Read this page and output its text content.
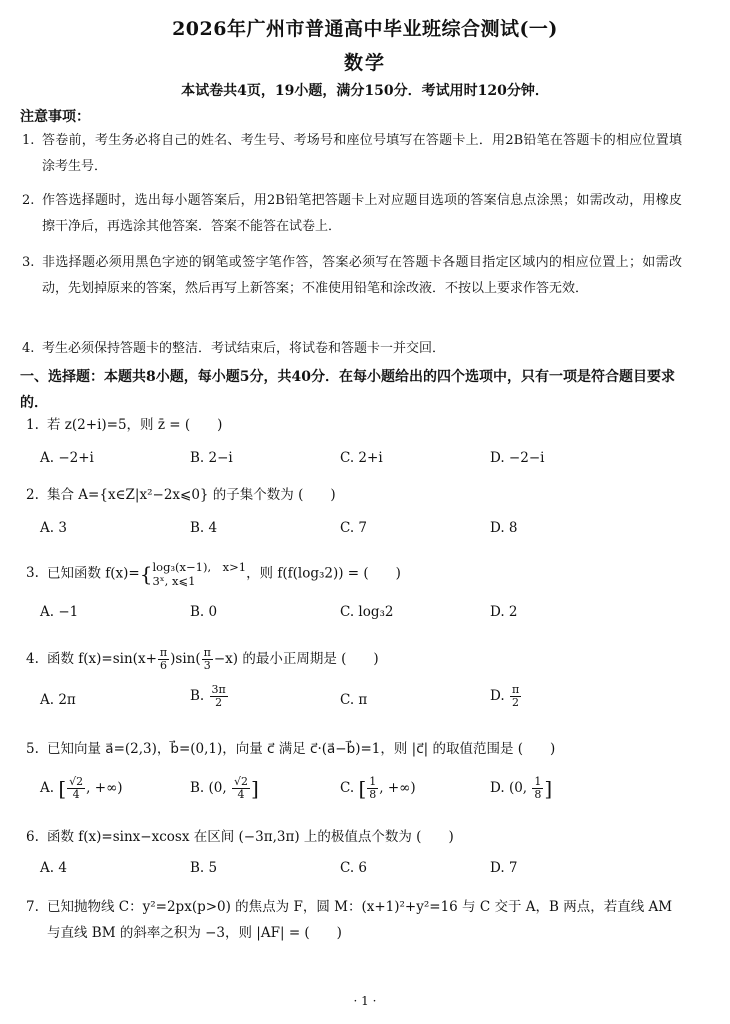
2026年广州市普通高中毕业班综合测试(一)
数学
本试卷共4页，19小题，满分150分．考试用时120分钟．
注意事项：
1. 答卷前，考生务必将自己的姓名、考生号、考场号和座位号填写在答题卡上．用2B铅笔在答题卡的相应位置填涂考生号．
2. 作答选择题时，选出每小题答案后，用2B铅笔把答题卡上对应题目选项的答案信息点涂黑；如需改动，用橡皮擦干净后，再选涂其他答案．答案不能答在试卷上．
3. 非选择题必须用黑色字迹的钢笔或签字笔作答，答案必须写在答题卡各题目指定区域内的相应位置上；如需改动，先划掉原来的答案，然后再写上新答案；不准使用铅笔和涂改液．不按以上要求作答无效．
4. 考生必须保持答题卡的整洁．考试结束后，将试卷和答题卡一并交回．
一、选择题：本题共8小题，每小题5分，共40分．在每小题给出的四个选项中，只有一项是符合题目要求的．
1. 若 z(2+i)=5，则 z̄ = (　　)
A. −2+i	B. 2−i	C. 2+i	D. −2−i
2. 集合 A={x∈Z|x²−2x⩽0} 的子集个数为 (　　)
A. 3	B. 4	C. 7	D. 8
3. 已知函数 f(x)={ log₃(x−1),　x>1
3ˣ, x⩽1	，则 f(f(log₃2)) = (　　)
A. −1	B. 0	C. log₃2	D. 2
4. 函数 $f(x)=\sin(x+ \frac{\pi}{6} )\sin( \frac{\pi}{3} -x)$ 的最小正周期是 (　　)
A. 2π	B. $\frac{3\pi}{2}$	C. π	D. $\frac{\pi}{2}$
5. 已知向量 a⃗=(2,3)，b⃗=(0,1)，向量 c⃗ 满足 c⃗·(a⃗−b⃗)=1，则 |c⃗| 的取值范围是 (　　)
A. [ $\frac{√2}{4}$ , +∞)	B. (0, $\frac{√2}{4}$ ]	C. [ $\frac{1}{8}$ , +∞)	D. (0, $\frac{1}{8}$ ]
6. 函数 f(x)=sinx−xcosx 在区间 (−3π,3π) 上的极值点个数为 (　　)
A. 4	B. 5	C. 6	D. 7
7. 已知抛物线 C：y²=2px(p>0) 的焦点为 F，圆 M：(x+1)²+y²=16 与 C 交于 A，B 两点，若直线 AM 与直线 BM 的斜率之积为 −3，则 |AF| = (　　)
· 1 ·
